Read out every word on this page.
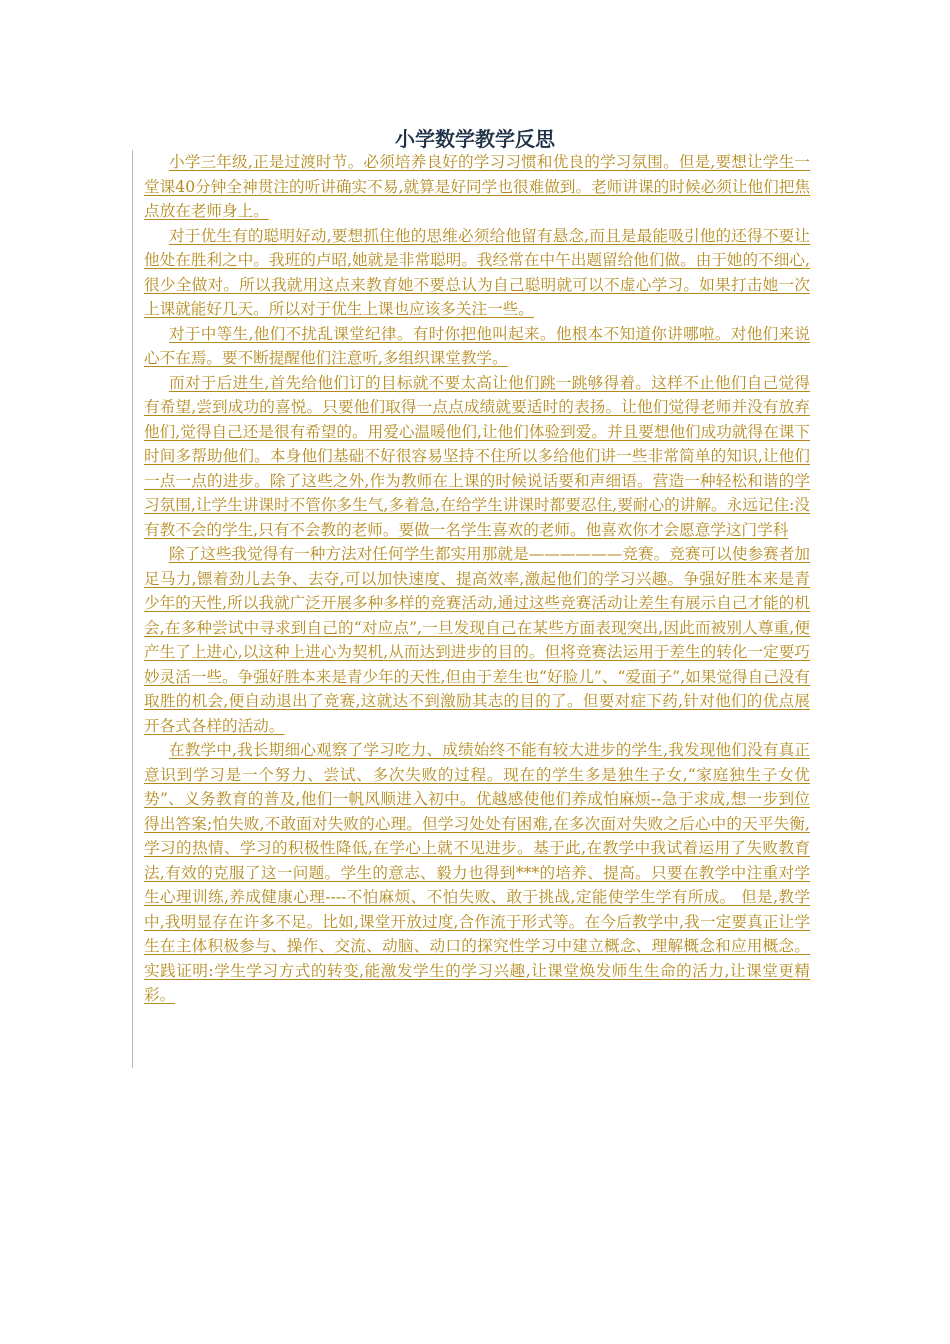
小学数学教学反思

小学三年级,正是过渡时节。必须培养良好的学习习惯和优良的学习氛围。但是,要想让学生一堂课40分钟全神贯注的听讲确实不易,就算是好同学也很难做到。老师讲课的时候必须让他们把焦点放在老师身上。

对于优生有的聪明好动,要想抓住他的思维必须给他留有悬念,而且是最能吸引他的还得不要让他处在胜利之中。我班的卢昭,她就是非常聪明。我经常在中午出题留给他们做。由于她的不细心,很少全做对。所以我就用这点来教育她不要总认为自己聪明就可以不虚心学习。如果打击她一次上课就能好几天。所以对于优生上课也应该多关注一些。

对于中等生,他们不扰乱课堂纪律。有时你把他叫起来。他根本不知道你讲哪啦。对他们来说心不在焉。要不断提醒他们注意听,多组织课堂教学。

而对于后进生,首先给他们订的目标就不要太高让他们跳一跳够得着。这样不止他们自己觉得有希望,尝到成功的喜悦。只要他们取得一点点成绩就要适时的表扬。让他们觉得老师并没有放弃他们,觉得自己还是很有希望的。用爱心温暖他们,让他们体验到爱。并且要想他们成功就得在课下时间多帮助他们。本身他们基础不好很容易坚持不住所以多给他们讲一些非常简单的知识,让他们一点一点的进步。除了这些之外,作为教师在上课的时候说话要和声细语。营造一种轻松和谐的学习氛围,让学生讲课时不管你多生气,多着急,在给学生讲课时都要忍住,要耐心的讲解。永远记住:没有教不会的学生,只有不会教的老师。要做一名学生喜欢的老师。他喜欢你才会愿意学这门学科

除了这些我觉得有一种方法对任何学生都实用那就是——————竞赛。竞赛可以使参赛者加足马力,镖着劲儿去争、去夺,可以加快速度、提高效率,激起他们的学习兴趣。争强好胜本来是青少年的天性,所以我就广泛开展多种多样的竞赛活动,通过这些竞赛活动让差生有展示自己才能的机会,在多种尝试中寻求到自己的“对应点”,一旦发现自己在某些方面表现突出,因此而被别人尊重,便产生了上进心,以这种上进心为契机,从而达到进步的目的。但将竞赛法运用于差生的转化一定要巧妙灵活一些。争强好胜本来是青少年的天性,但由于差生也“好脸儿”、“爱面子”,如果觉得自己没有取胜的机会,便自动退出了竞赛,这就达不到激励其志的目的了。但要对症下药,针对他们的优点展开各式各样的活动。

在教学中,我长期细心观察了学习吃力、成绩始终不能有较大进步的学生,我发现他们没有真正意识到学习是一个努力、尝试、多次失败的过程。现在的学生多是独生子女,“家庭独生子女优势”、义务教育的普及,他们一帆风顺进入初中。优越感使他们养成怕麻烦--急于求成,想一步到位得出答案;怕失败,不敢面对失败的心理。但学习处处有困难,在多次面对失败之后心中的天平失衡,学习的热情、学习的积极性降低,在学心上就不见进步。基于此,在教学中我试着运用了失败教育法,有效的克服了这一问题。学生的意志、毅力也得到***的培养、提高。只要在教学中注重对学生心理训练,养成健康心理----不怕麻烦、不怕失败、敢于挑战,定能使学生学有所成。 但是,教学中,我明显存在许多不足。比如,课堂开放过度,合作流于形式等。在今后教学中,我一定要真正让学生在主体积极参与、操作、交流、动脑、动口的探究性学习中建立概念、理解概念和应用概念。实践证明:学生学习方式的转变,能激发学生的学习兴趣,让课堂焕发师生生命的活力,让课堂更精彩。
